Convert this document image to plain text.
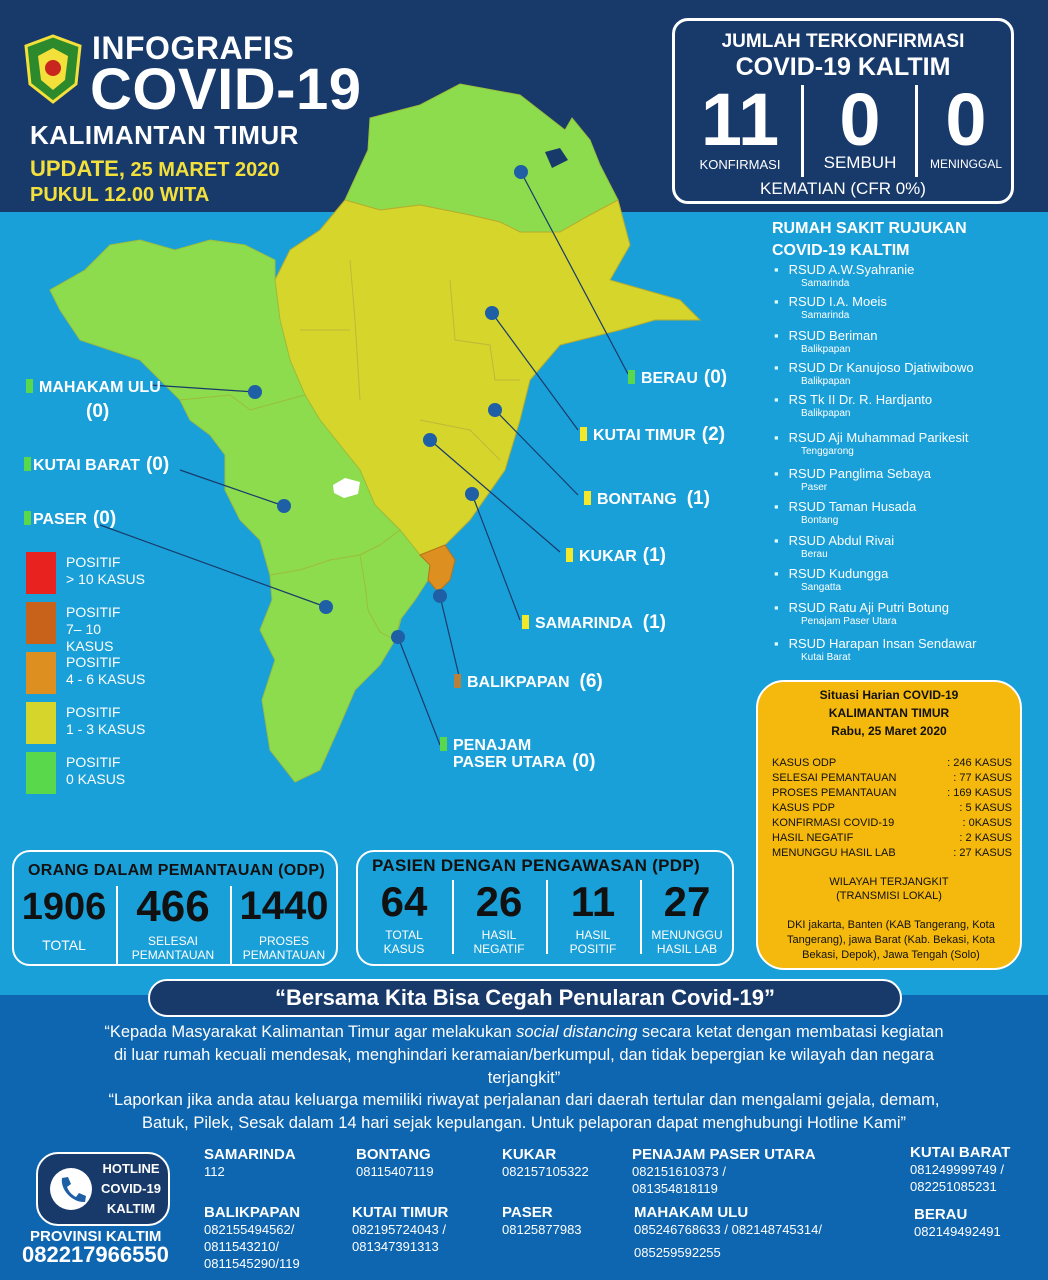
INFOGRAFIS
COVID-19
KALIMANTAN TIMUR
UPDATE, 25 MARET 2020
PUKUL 12.00 WITA
JUMLAH TERKONFIRMASI
COVID-19 KALTIM
11
KONFIRMASI
0
SEMBUH
0
MENINGGAL
KEMATIAN (CFR 0%)
BERAU (0)
KUTAI TIMUR (2)
BONTANG (1)
KUKAR (1)
SAMARINDA (1)
BALIKPAPAN (6)
PENAJAM
PASER UTARA (0)
MAHAKAM ULU
(0)
KUTAI BARAT (0)
PASER (0)
POSITIF
> 10 KASUS
POSITIF
7– 10 KASUS
POSITIF
4 - 6 KASUS
POSITIF
1 - 3 KASUS
POSITIF
0 KASUS
RUMAH SAKIT RUJUKAN
COVID-19 KALTIM
▪ RSUD A.W.Syahranie
Samarinda
▪ RSUD I.A. Moeis
Samarinda
▪ RSUD Beriman
Balikpapan
▪ RSUD Dr Kanujoso Djatiwibowo
Balikpapan
▪ RS Tk II Dr. R. Hardjanto
Balikpapan
▪ RSUD Aji Muhammad Parikesit
Tenggarong
▪ RSUD Panglima Sebaya
Paser
▪ RSUD Taman Husada
Bontang
▪ RSUD Abdul Rivai
Berau
▪ RSUD Kudungga
Sangatta
▪ RSUD Ratu Aji Putri Botung
Penajam Paser Utara
▪ RSUD Harapan Insan Sendawar
Kutai Barat
Situasi Harian COVID-19
KALIMANTAN TIMUR
Rabu, 25 Maret 2020
KASUS ODP	: 246 KASUS
SELESAI PEMANTAUAN	: 77 KASUS
PROSES PEMANTAUAN	: 169 KASUS
KASUS PDP	: 5 KASUS
KONFIRMASI COVID-19	: 0KASUS
HASIL NEGATIF	: 2 KASUS
MENUNGGU HASIL LAB	: 27 KASUS
WILAYAH TERJANGKIT
(TRANSMISI LOKAL)
DKI jakarta, Banten (KAB Tangerang, Kota Tangerang), jawa Barat (Kab. Bekasi, Kota Bekasi, Depok), Jawa Tengah (Solo)
ORANG DALAM PEMANTAUAN (ODP)
1906
TOTAL
466
SELESAI
PEMANTAUAN
1440
PROSES
PEMANTAUAN
PASIEN DENGAN PENGAWASAN (PDP)
64
TOTAL
KASUS
26
HASIL
NEGATIF
11
HASIL
POSITIF
27
MENUNGGU
HASIL LAB
“Bersama Kita Bisa Cegah Penularan Covid-19”
“Kepada Masyarakat Kalimantan Timur agar melakukan social distancing secara ketat dengan membatasi kegiatan
di luar rumah kecuali mendesak, menghindari keramaian/berkumpul, dan tidak bepergian ke wilayah dan negara
terjangkit”
“Laporkan jika anda atau keluarga memiliki riwayat perjalanan dari daerah tertular dan mengalami gejala, demam,
Batuk, Pilek, Sesak dalam 14 hari sejak kepulangan. Untuk pelaporan dapat menghubungi Hotline Kami”
HOTLINE
COVID-19
KALTIM
PROVINSI KALTIM
082217966550
SAMARINDA
112
BONTANG
08115407119
KUKAR
082157105322
PENAJAM PASER UTARA
082151610373 /
081354818119
KUTAI BARAT
081249999749 /
082251085231
BALIKPAPAN
082155494562/
0811543210/
0811545290/119
KUTAI TIMUR
082195724043 /
081347391313
PASER
08125877983
MAHAKAM ULU
085246768633 / 082148745314/
085259592255
BERAU
082149492491
